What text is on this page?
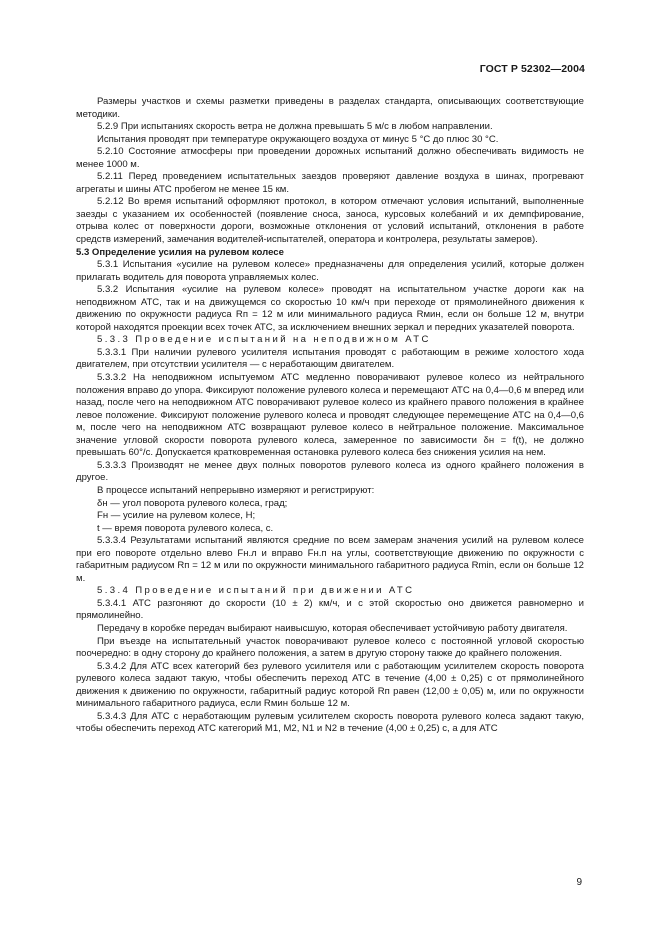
ГОСТ Р 52302—2004

Размеры участков и схемы разметки приведены в разделах стандарта, описывающих соответствующие методики.

5.2.9 При испытаниях скорость ветра не должна превышать 5 м/с в любом направлении.

Испытания проводят при температуре окружающего воздуха от минус 5 °С до плюс 30 °С.

5.2.10 Состояние атмосферы при проведении дорожных испытаний должно обеспечивать видимость не менее 1000 м.

5.2.11 Перед проведением испытательных заездов проверяют давление воздуха в шинах, прогревают агрегаты и шины АТС пробегом не менее 15 км.

5.2.12 Во время испытаний оформляют протокол, в котором отмечают условия испытаний, выполненные заезды с указанием их особенностей (появление сноса, заноса, курсовых колебаний и их демпфирование, отрыва колес от поверхности дороги, возможные отклонения от условий испытаний, отклонения в работе средств измерений, замечания водителей-испытателей, оператора и контролера, результаты замеров).

5.3 Определение усилия на рулевом колесе

5.3.1 Испытания «усилие на рулевом колесе» предназначены для определения усилий, которые должен прилагать водитель для поворота управляемых колес.

5.3.2 Испытания «усилие на рулевом колесе» проводят на испытательном участке дороги как на неподвижном АТС, так и на движущемся со скоростью 10 км/ч при переходе от прямолинейного движения к движению по окружности радиуса Rп = 12 м или минимального радиуса Rмин, если он больше 12 м, внутри которой находятся проекции всех точек АТС, за исключением внешних зеркал и передних указателей поворота.

5.3.3 Проведение испытаний на неподвижном АТС

5.3.3.1 При наличии рулевого усилителя испытания проводят с работающим в режиме холостого хода двигателем, при отсутствии усилителя — с неработающим двигателем.

5.3.3.2 На неподвижном испытуемом АТС медленно поворачивают рулевое колесо из нейтрального положения вправо до упора. Фиксируют положение рулевого колеса и перемещают АТС на 0,4—0,6 м вперед или назад, после чего на неподвижном АТС поворачивают рулевое колесо из крайнего правого положения в крайнее левое положение. Фиксируют положение рулевого колеса и проводят следующее перемещение АТС на 0,4—0,6 м, после чего на неподвижном АТС возвращают рулевое колесо в нейтральное положение. Максимальное значение угловой скорости поворота рулевого колеса, замеренное по зависимости δн = f(t), не должно превышать 60°/с. Допускается кратковременная остановка рулевого колеса без снижения усилия на нем.

5.3.3.3 Производят не менее двух полных поворотов рулевого колеса из одного крайнего положения в другое.

В процессе испытаний непрерывно измеряют и регистрируют:

δн — угол поворота рулевого колеса, град;

Fн — усилие на рулевом колесе, Н;

t — время поворота рулевого колеса, с.

5.3.3.4 Результатами испытаний являются средние по всем замерам значения усилий на рулевом колесе при его повороте отдельно влево Fн.л и вправо Fн.п на углы, соответствующие движению по окружности с габаритным радиусом Rп = 12 м или по окружности минимального габаритного радиуса Rmin, если он больше 12 м.

5.3.4 Проведение испытаний при движении АТС

5.3.4.1 АТС разгоняют до скорости (10 ± 2) км/ч, и с этой скоростью оно движется равномерно и прямолинейно.

Передачу в коробке передач выбирают наивысшую, которая обеспечивает устойчивую работу двигателя.

При въезде на испытательный участок поворачивают рулевое колесо с постоянной угловой скоростью поочередно: в одну сторону до крайнего положения, а затем в другую сторону также до крайнего положения.

5.3.4.2 Для АТС всех категорий без рулевого усилителя или с работающим усилителем скорость поворота рулевого колеса задают такую, чтобы обеспечить переход АТС в течение (4,00 ± 0,25) с от прямолинейного движения к движению по окружности, габаритный радиус которой Rп равен (12,00 ± 0,05) м, или по окружности минимального габаритного радиуса, если Rмин больше 12 м.

5.3.4.3 Для АТС с неработающим рулевым усилителем скорость поворота рулевого колеса задают такую, чтобы обеспечить переход АТС категорий M1, M2, N1 и N2 в течение (4,00 ± 0,25) с, а для АТС

9
